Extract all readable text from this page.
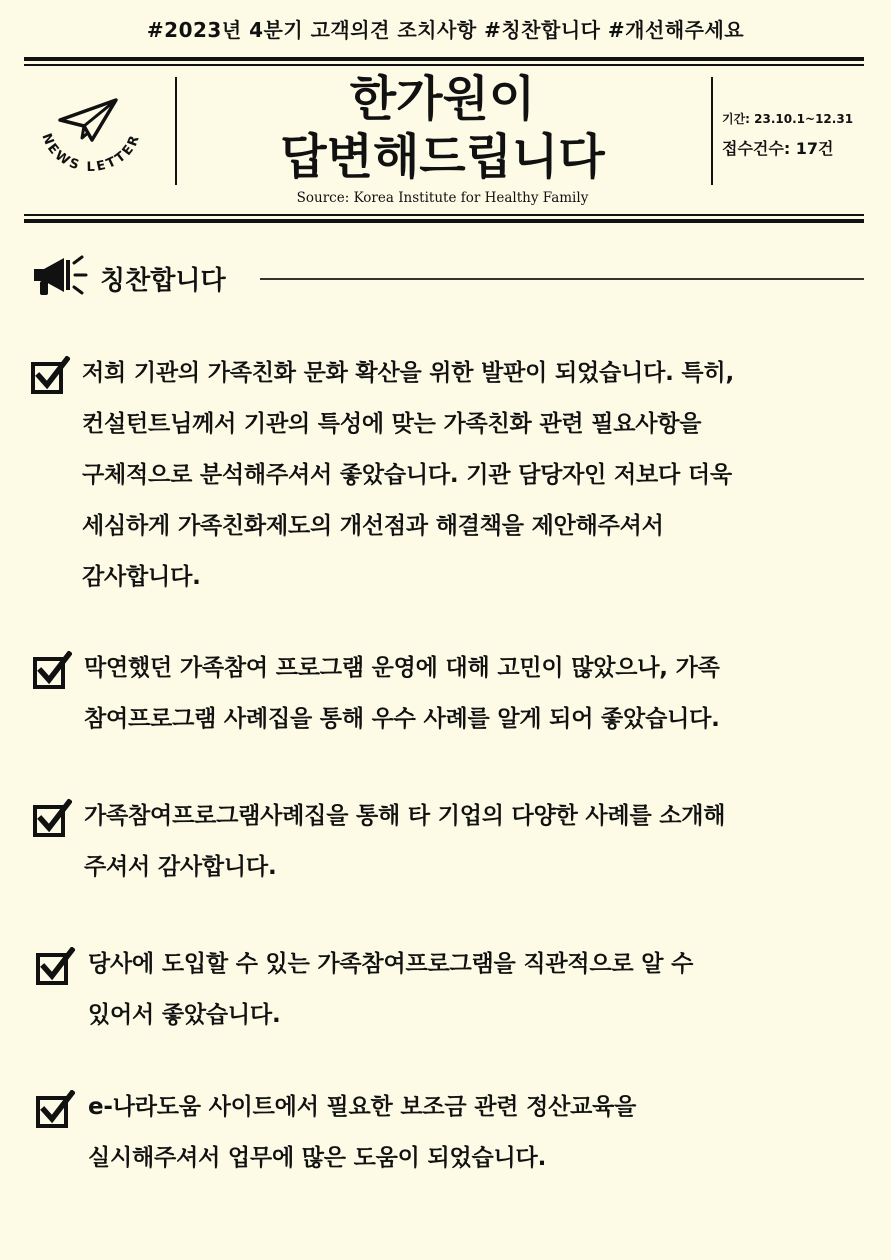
#2023년 4분기 고객의견 조치사항 #칭찬합니다 #개선해주세요
NEWS LETTER
한가원이
답변해드립니다
Source: Korea Institute for Healthy Family
기간: 23.10.1~12.31
접수건수: 17건
칭찬합니다
저희 기관의 가족친화 문화 확산을 위한 발판이 되었습니다. 특히,
컨설턴트님께서 기관의 특성에 맞는 가족친화 관련 필요사항을
구체적으로 분석해주셔서 좋았습니다. 기관 담당자인 저보다 더욱
세심하게 가족친화제도의 개선점과 해결책을 제안해주셔서
감사합니다.
막연했던 가족참여 프로그램 운영에 대해 고민이 많았으나, 가족
참여프로그램 사례집을 통해 우수 사례를 알게 되어 좋았습니다.
가족참여프로그램사례집을 통해 타 기업의 다양한 사례를 소개해
주셔서 감사합니다.
당사에 도입할 수 있는 가족참여프로그램을 직관적으로 알 수
있어서 좋았습니다.
e-나라도움 사이트에서 필요한 보조금 관련 정산교육을
실시해주셔서 업무에 많은 도움이 되었습니다.
